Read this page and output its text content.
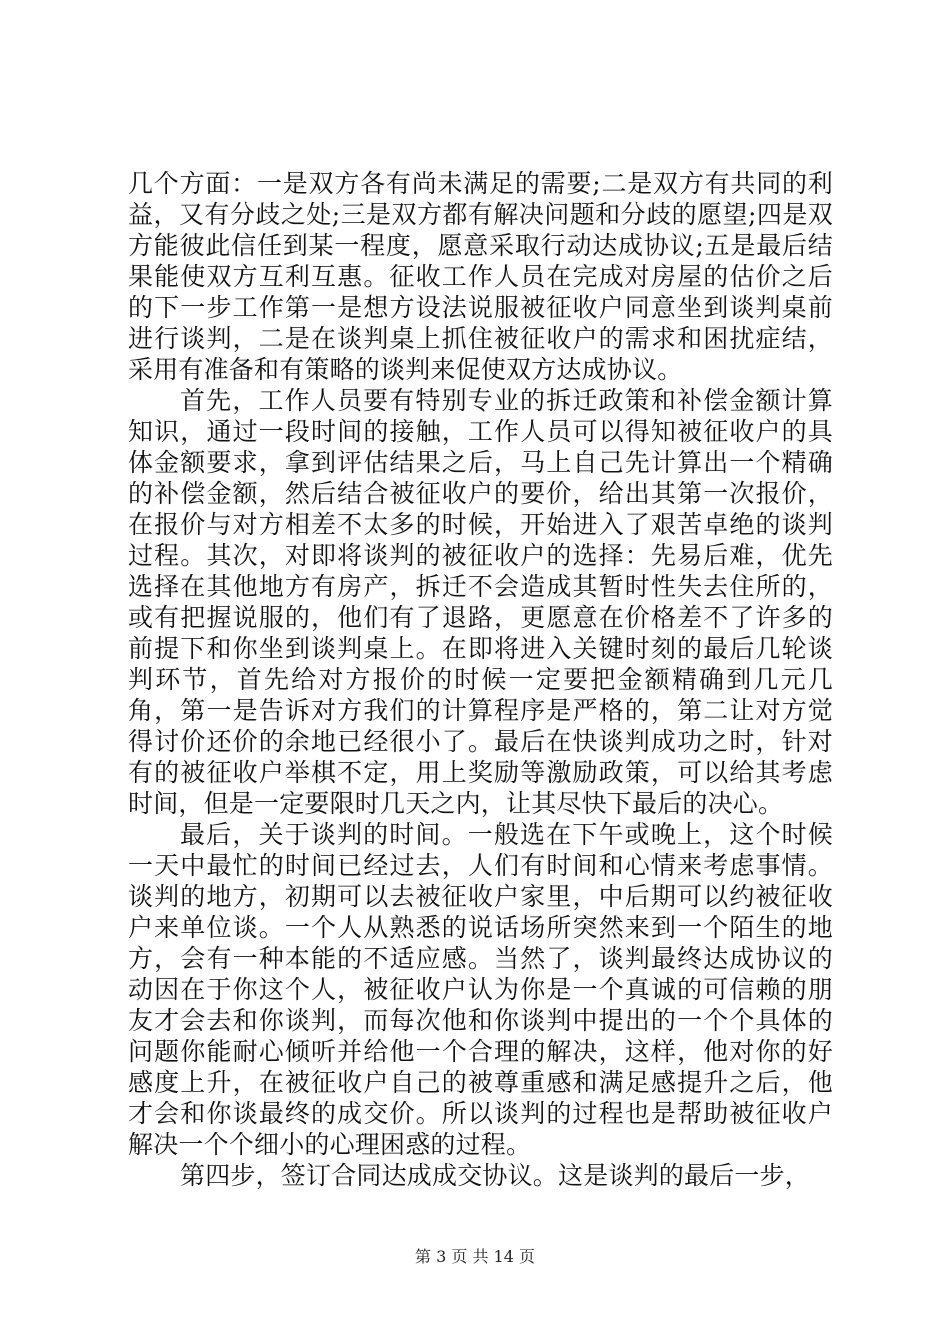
几个方面：一是双方各有尚未满足的需要;二是双方有共同的利益，又有分歧之处;三是双方都有解决问题和分歧的愿望;四是双方能彼此信任到某一程度，愿意采取行动达成协议;五是最后结果能使双方互利互惠。征收工作人员在完成对房屋的估价之后的下一步工作第一是想方设法说服被征收户同意坐到谈判桌前进行谈判，二是在谈判桌上抓住被征收户的需求和困扰症结，采用有准备和有策略的谈判来促使双方达成协议。

首先，工作人员要有特别专业的拆迁政策和补偿金额计算知识，通过一段时间的接触，工作人员可以得知被征收户的具体金额要求，拿到评估结果之后，马上自己先计算出一个精确的补偿金额，然后结合被征收户的要价，给出其第一次报价，在报价与对方相差不太多的时候，开始进入了艰苦卓绝的谈判过程。其次，对即将谈判的被征收户的选择：先易后难，优先选择在其他地方有房产，拆迁不会造成其暂时性失去住所的，或有把握说服的，他们有了退路，更愿意在价格差不了许多的前提下和你坐到谈判桌上。在即将进入关键时刻的最后几轮谈判环节，首先给对方报价的时候一定要把金额精确到几元几角，第一是告诉对方我们的计算程序是严格的，第二让对方觉得讨价还价的余地已经很小了。最后在快谈判成功之时，针对有的被征收户举棋不定，用上奖励等激励政策，可以给其考虑时间，但是一定要限时几天之内，让其尽快下最后的决心。

最后，关于谈判的时间。一般选在下午或晚上，这个时候一天中最忙的时间已经过去，人们有时间和心情来考虑事情。谈判的地方，初期可以去被征收户家里，中后期可以约被征收户来单位谈。一个人从熟悉的说话场所突然来到一个陌生的地方，会有一种本能的不适应感。当然了，谈判最终达成协议的动因在于你这个人，被征收户认为你是一个真诚的可信赖的朋友才会去和你谈判，而每次他和你谈判中提出的一个个具体的问题你能耐心倾听并给他一个合理的解决，这样，他对你的好感度上升，在被征收户自己的被尊重感和满足感提升之后，他才会和你谈最终的成交价。所以谈判的过程也是帮助被征收户解决一个个细小的心理困惑的过程。

第四步，签订合同达成成交协议。这是谈判的最后一步，

第 3 页 共 14 页
